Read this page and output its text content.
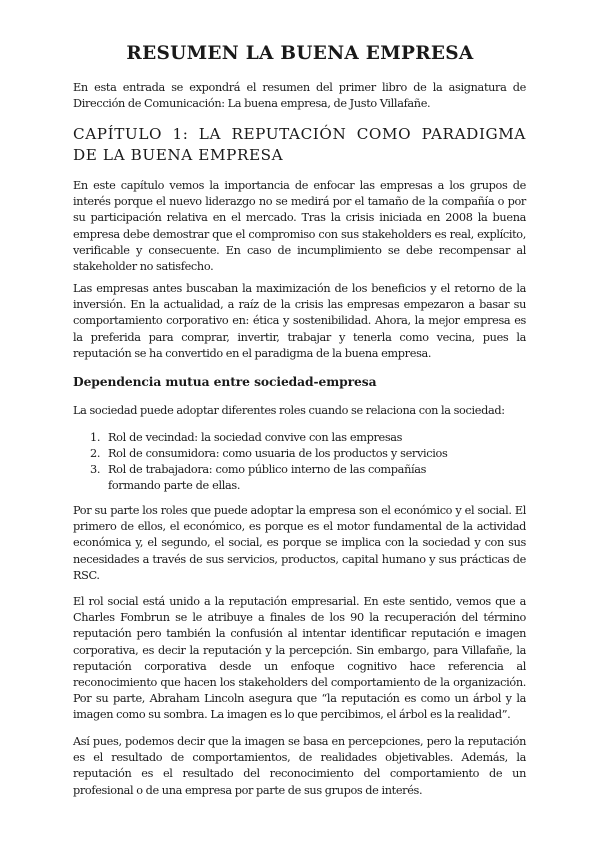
RESUMEN LA BUENA EMPRESA

En esta entrada se expondrá el resumen del primer libro de la asignatura de Dirección de Comunicación: La buena empresa, de Justo Villafañe.

CAPÍTULO 1: LA REPUTACIÓN COMO PARADIGMA DE LA BUENA EMPRESA

En este capítulo vemos la importancia de enfocar las empresas a los grupos de interés porque el nuevo liderazgo no se medirá por el tamaño de la compañía o por su participación relativa en el mercado. Tras la crisis iniciada en 2008 la buena empresa debe demostrar que el compromiso con sus stakeholders es real, explícito, verificable y consecuente. En caso de incumplimiento se debe recompensar al stakeholder no satisfecho.

Las empresas antes buscaban la maximización de los beneficios y el retorno de la inversión. En la actualidad, a raíz de la crisis las empresas empezaron a basar su comportamiento corporativo en: ética y sostenibilidad. Ahora, la mejor empresa es la preferida para comprar, invertir, trabajar y tenerla como vecina, pues la reputación se ha convertido en el paradigma de la buena empresa.

Dependencia mutua entre sociedad-empresa

La sociedad puede adoptar diferentes roles cuando se relaciona con la sociedad:

1. Rol de vecindad: la sociedad convive con las empresas
2. Rol de consumidora: como usuaria de los productos y servicios
3. Rol de trabajadora: como público interno de las compañías formando parte de ellas.

Por su parte los roles que puede adoptar la empresa son el económico y el social. El primero de ellos, el económico, es porque es el motor fundamental de la actividad económica y, el segundo, el social, es porque se implica con la sociedad y con sus necesidades a través de sus servicios, productos, capital humano y sus prácticas de RSC.

El rol social está unido a la reputación empresarial. En este sentido, vemos que a Charles Fombrun se le atribuye a finales de los 90 la recuperación del término reputación pero también la confusión al intentar identificar reputación e imagen corporativa, es decir la reputación y la percepción. Sin embargo, para Villafañe, la reputación corporativa desde un enfoque cognitivo hace referencia al reconocimiento que hacen los stakeholders del comportamiento de la organización. Por su parte, Abraham Lincoln asegura que “la reputación es como un árbol y la imagen como su sombra. La imagen es lo que percibimos, el árbol es la realidad”.

Así pues, podemos decir que la imagen se basa en percepciones, pero la reputación es el resultado de comportamientos, de realidades objetivables. Además, la reputación es el resultado del reconocimiento del comportamiento de un profesional o de una empresa por parte de sus grupos de interés.
